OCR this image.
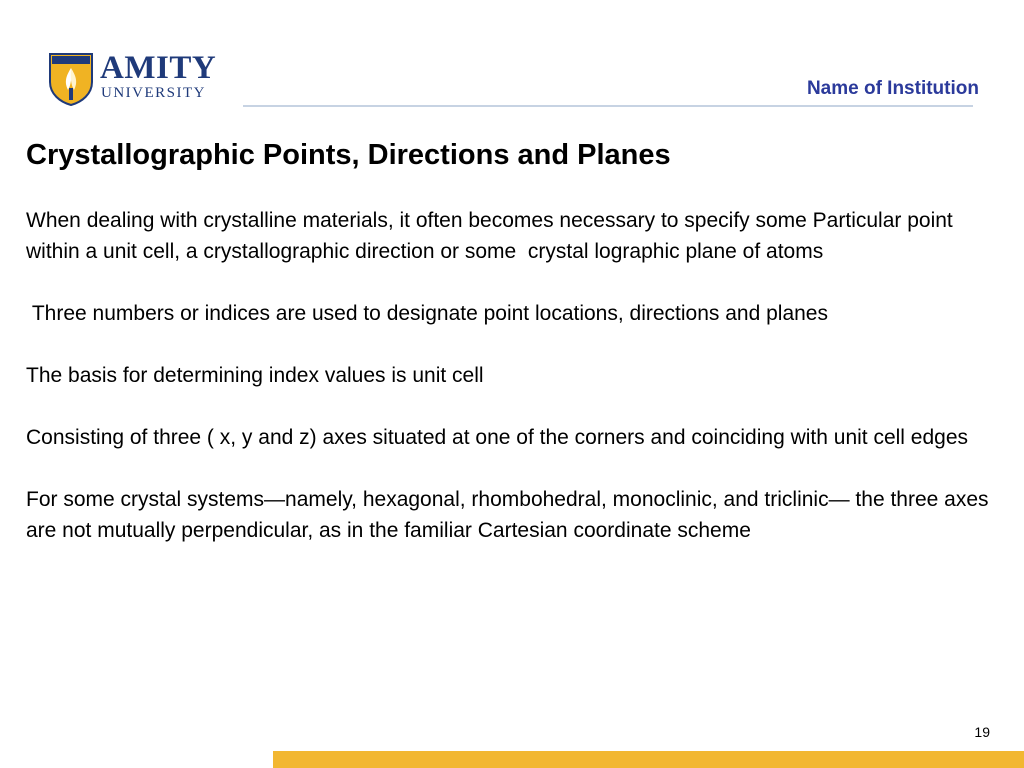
AMITY
UNIVERSITY	Name of Institution
Crystallographic Points, Directions and Planes

When dealing with crystalline materials, it often becomes necessary to specify some Particular point within a unit cell, a crystallographic direction or some  crystal lographic plane of atoms

Three numbers or indices are used to designate point locations, directions and planes

The basis for determining index values is unit cell

Consisting of three ( x, y and z) axes situated at one of the corners and coinciding with unit cell edges

For some crystal systems—namely, hexagonal, rhombohedral, monoclinic, and triclinic— the three axes are not mutually perpendicular, as in the familiar Cartesian coordinate scheme

19
